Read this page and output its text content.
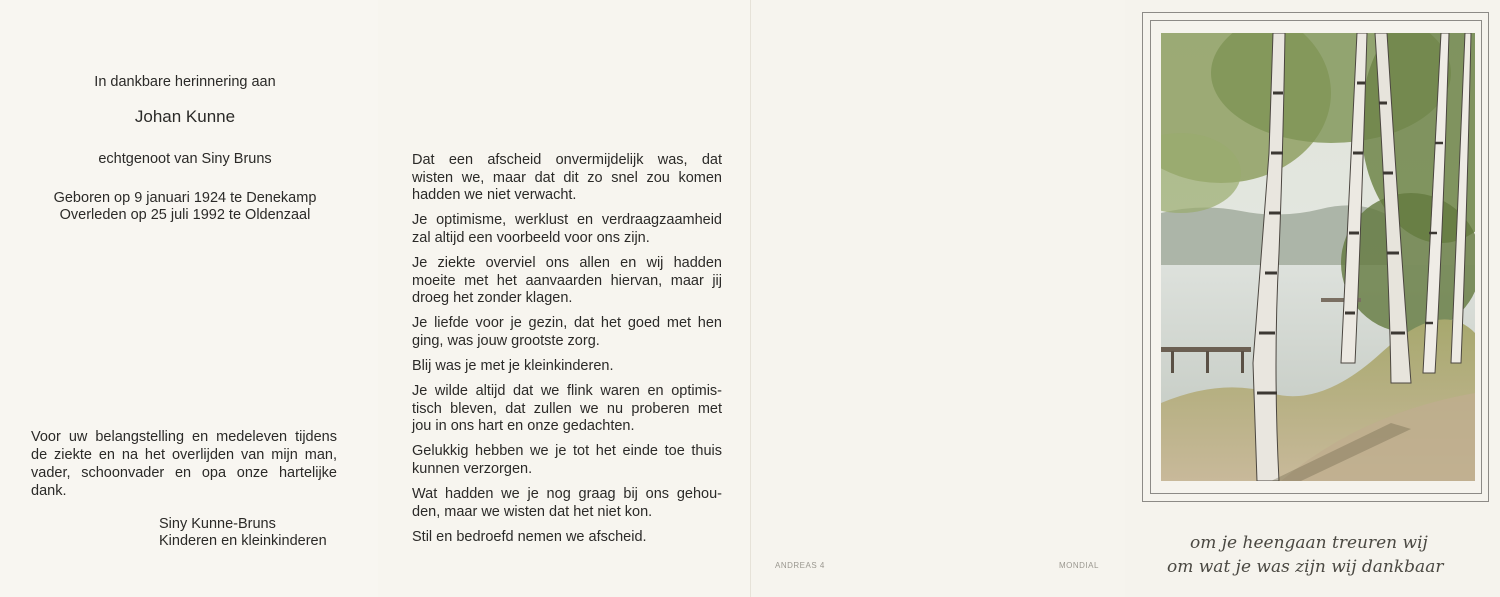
In dankbare herinnering aan
Johan Kunne
echtgenoot van Siny Bruns
Geboren op 9 januari 1924 te Denekamp
Overleden op 25 juli 1992 te Oldenzaal
Voor uw belangstelling en medeleven tijdens
de ziekte en na het overlijden van mijn man,
vader, schoonvader en opa onze hartelijke
dank.
Siny Kunne-Bruns
Kinderen en kleinkinderen
Dat een afscheid onvermijdelijk was, dat
wisten we, maar dat dit zo snel zou komen
hadden we niet verwacht.
Je optimisme, werklust en verdraagzaamheid
zal altijd een voorbeeld voor ons zijn.
Je ziekte overviel ons allen en wij hadden
moeite met het aanvaarden hiervan, maar jij
droeg het zonder klagen.
Je liefde voor je gezin, dat het goed met hen
ging, was jouw grootste zorg.
Blij was je met je kleinkinderen.
Je wilde altijd dat we flink waren en optimis-
tisch bleven, dat zullen we nu proberen met
jou in ons hart en onze gedachten.
Gelukkig hebben we je tot het einde toe thuis
kunnen verzorgen.
Wat hadden we je nog graag bij ons gehou-
den, maar we wisten dat het niet kon.
Stil en bedroefd nemen we afscheid.
ANDREAS 4	MONDIAL
om je heengaan treuren wij
om wat je was zijn wij dankbaar
